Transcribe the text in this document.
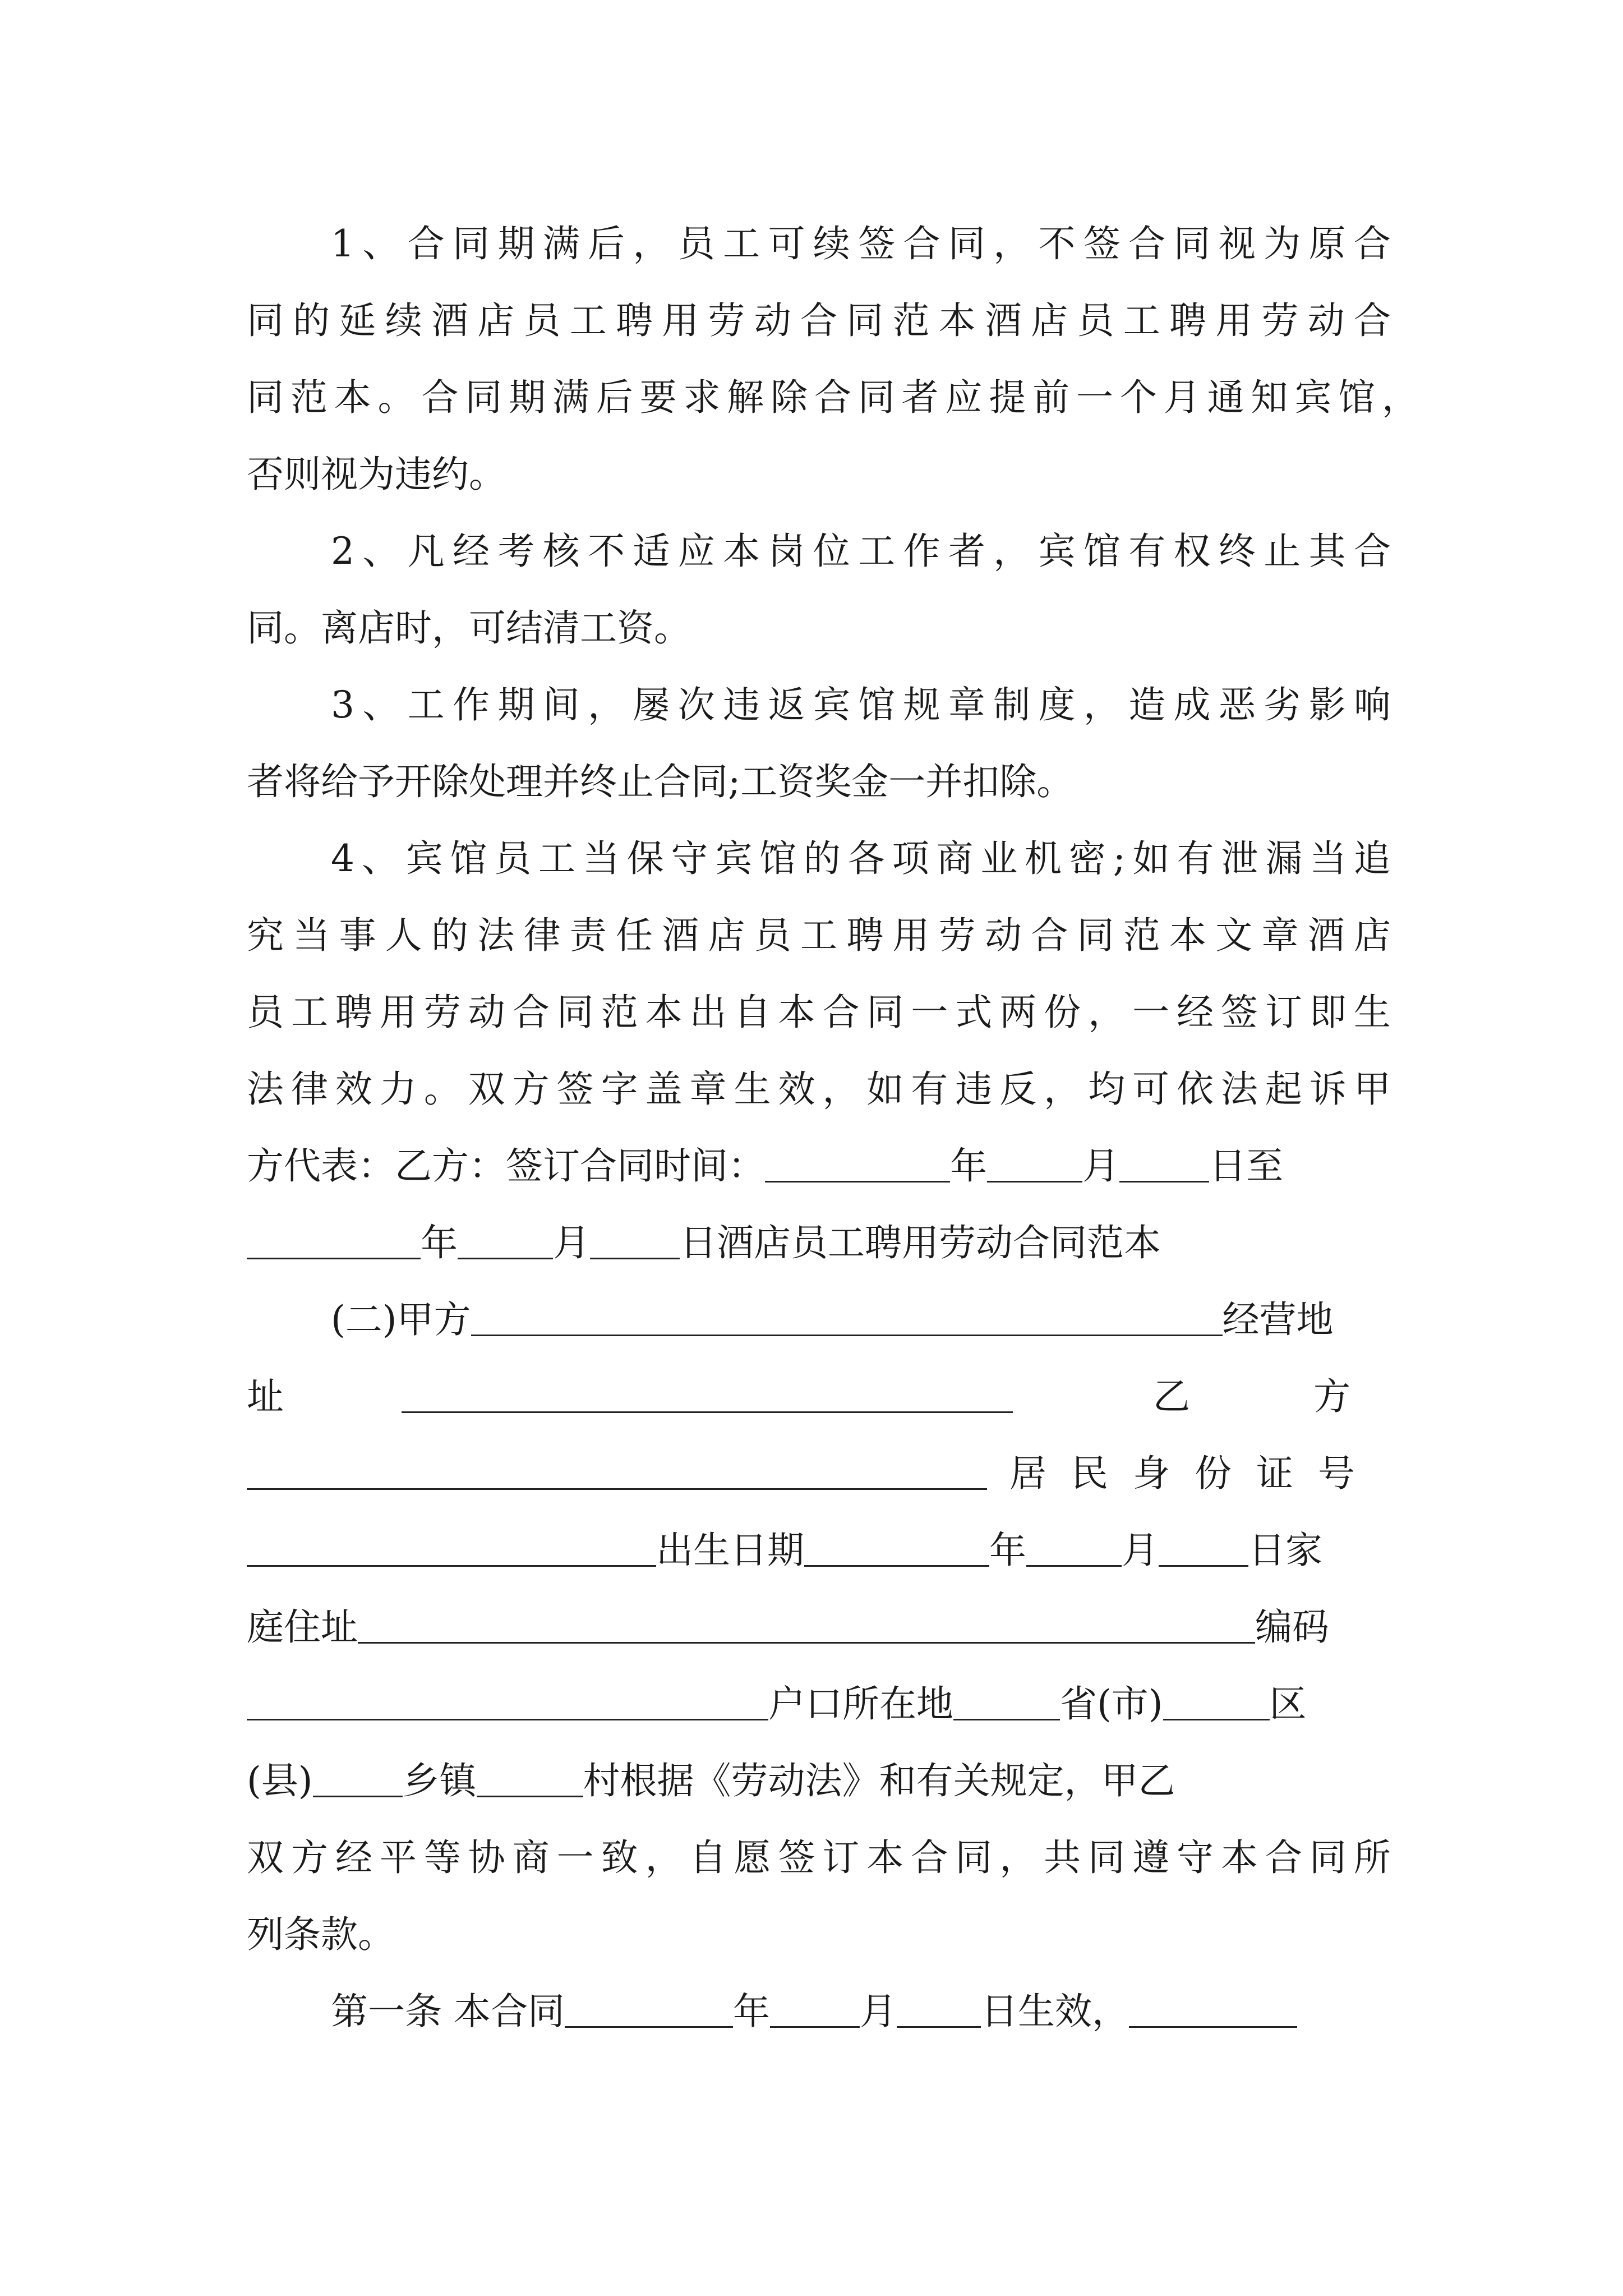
1 、 合 同 期 满 后 ， 员 工 可 续 签 合 同 ， 不 签 合 同 视 为 原 合
同 的 延 续 酒 店 员 工 聘 用 劳 动 合 同 范 本 酒 店 员 工 聘 用 劳 动 合
同 范 本 。 合 同 期 满 后 要 求 解 除 合 同 者 应 提 前 一 个 月 通 知 宾 馆 ，
否则视为违约。
2 、 凡 经 考 核 不 适 应 本 岗 位 工 作 者 ， 宾 馆 有 权 终 止 其 合
同。离店时，可结清工资。
3 、 工 作 期 间 ， 屡 次 违 返 宾 馆 规 章 制 度 ， 造 成 恶 劣 影 响
者将给予开除处理并终止合同;工资奖金一并扣除。
4 、 宾 馆 员 工 当 保 守 宾 馆 的 各 项 商 业 机 密 ; 如 有 泄 漏 当 追
究 当 事 人 的 法 律 责 任 酒 店 员 工 聘 用 劳 动 合 同 范 本 文 章 酒 店
员 工 聘 用 劳 动 合 同 范 本 出 自 本 合 同 一 式 两 份 ， 一 经 签 订 即 生
法 律 效 力 。 双 方 签 字 盖 章 生 效 ， 如 有 违 反 ， 均 可 依 法 起 诉 甲
方代表：乙方：签订合同时间：	年	月 日至
年	月 日酒店员工聘用劳动合同范本
(二)甲方	经营地
址	乙	方
居民身份证号
出生日期	年	月 日家
庭住址	编码
户口所在地	省(市)	区
(县) 乡镇	村根据《劳动法》和有关规定，甲乙
双 方 经 平 等 协 商 一 致 ， 自 愿 签 订 本 合 同 ， 共 同 遵 守 本 合 同 所
列条款。
第一条 本合同	年 月 日生效，
